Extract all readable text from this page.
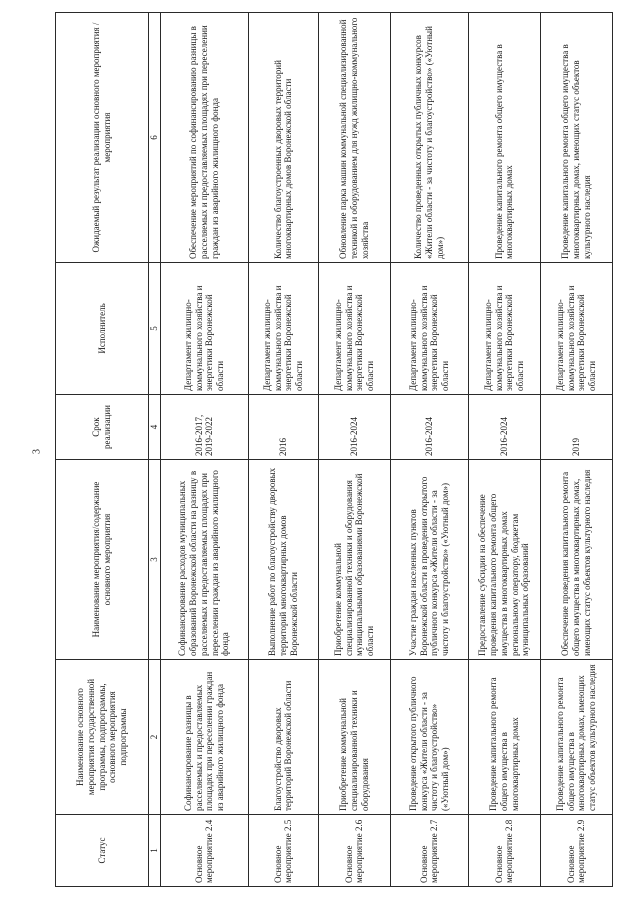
3
Статус	Наименование основного мероприятия государственной программы, подпрограммы, основного мероприятия подпрограммы	Наименование мероприятия/содержание основного мероприятия	Срок реализации	Исполнитель	Ожидаемый результат реализации основного мероприятия /мероприятия
1	2	3	4	5	6
Основное мероприятие 2.4	Софинансирование разницы в расселяемых и предоставляемых площадях при переселении граждан из аварийного жилищного фонда	Софинансирование расходов муниципальных образований Воронежской области на разницу в расселяемых и предоставляемых площадях при переселении граждан из аварийного жилищного фонда	2016-2017, 2019-2022	Департамент жилищно-коммунального хозяйства и энергетики Воронежской области	Обеспечение мероприятий по софинансированию разницы в расселяемых и предоставляемых площадях при переселении граждан из аварийного жилищного фонда
Основное мероприятие 2.5	Благоустройство дворовых территорий Воронежской области	Выполнение работ по благоустройству дворовых территорий многоквартирных домов Воронежской области	2016	Департамент жилищно-коммунального хозяйства и энергетики Воронежской области	Количество благоустроенных дворовых территорий многоквартирных домов Воронежской области
Основное мероприятие 2.6	Приобретение коммунальной специализированной техники и оборудования	Приобретение коммунальной специализированной техники и оборудования муниципальными образованиями Воронежской области	2016-2024	Департамент жилищно-коммунального хозяйства и энергетики Воронежской области	Обновление парка машин коммунальной специализированной техникой и оборудованием для нужд жилищно-коммунального хозяйства
Основное мероприятие 2.7	Проведение открытого публичного конкурса «Жители области - за чистоту и благоустройство» («Уютный дом»)	Участие граждан населенных пунктов Воронежской области в проведении открытого публичного конкурса «Жители области - за чистоту и благоустройство» («Уютный дом»)	2016-2024	Департамент жилищно-коммунального хозяйства и энергетики Воронежской области	Количество проведенных открытых публичных конкурсов «Жители области - за чистоту и благоустройство» («Уютный дом»)
Основное мероприятие 2.8	Проведение капитального ремонта общего имущества в многоквартирных домах	Предоставление субсидии на обеспечение проведения капитального ремонта общего имущества в многоквартирных домах региональному оператору, бюджетам муниципальных образований	2016-2024	Департамент жилищно-коммунального хозяйства и энергетики Воронежской области	Проведение капитального ремонта общего имущества в многоквартирных домах
Основное мероприятие 2.9	Проведение капитального ремонта общего имущества в многоквартирных домах, имеющих статус объектов культурного наследия	Обеспечение проведения капитального ремонта общего имущества в многоквартирных домах, имеющих статус объектов культурного наследия	2019	Департамент жилищно-коммунального хозяйства и энергетики Воронежской области	Проведение капитального ремонта общего имущества в многоквартирных домах, имеющих статус объектов культурного наследия
